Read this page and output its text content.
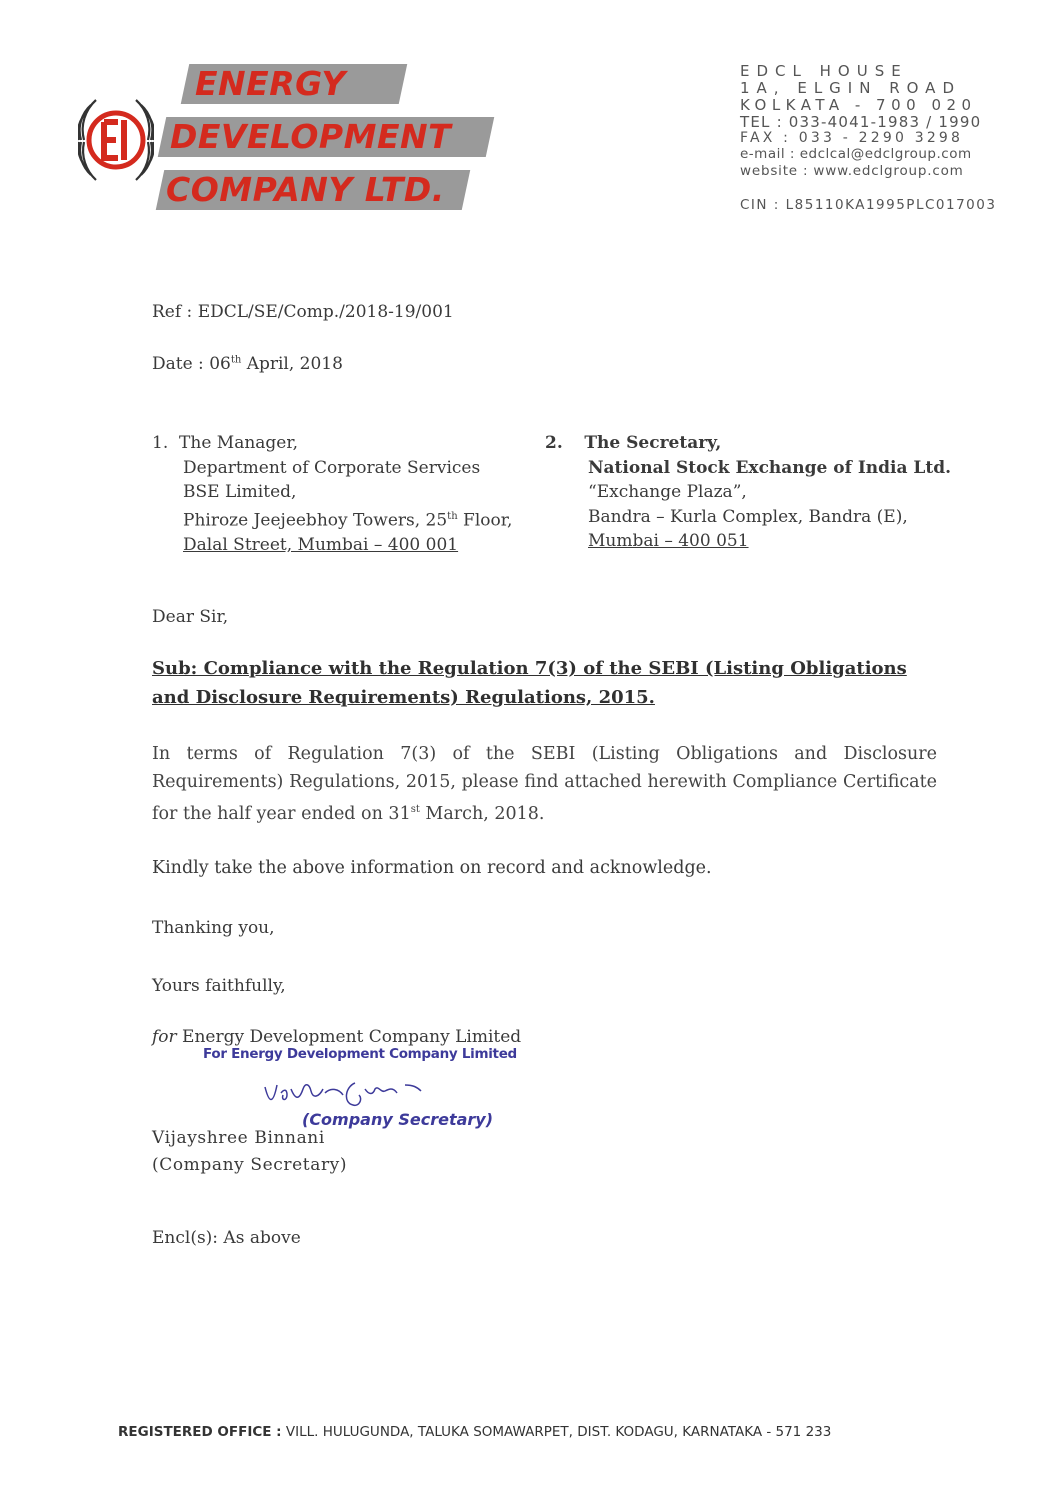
ENERGY
DEVELOPMENT
COMPANY LTD.
EDCL HOUSE
1A, ELGIN ROAD
KOLKATA - 700 020
TEL : 033-4041-1983 / 1990
FAX : 033 - 2290 3298
e-mail : edclcal@edclgroup.com
website : www.edclgroup.com
CIN : L85110KA1995PLC017003
Ref : EDCL/SE/Comp./2018-19/001
Date : 06th April, 2018
1. The Manager,
Department of Corporate Services
BSE Limited,
Phiroze Jeejeebhoy Towers, 25th Floor,
Dalal Street, Mumbai – 400 001
2. The Secretary,
National Stock Exchange of India Ltd.
“Exchange Plaza”,
Bandra – Kurla Complex, Bandra (E),
Mumbai – 400 051
Dear Sir,
Sub: Compliance with the Regulation 7(3) of the SEBI (Listing Obligations and Disclosure Requirements) Regulations, 2015.
In terms of Regulation 7(3) of the SEBI (Listing Obligations and Disclosure Requirements) Regulations, 2015, please find attached herewith Compliance Certificate for the half year ended on 31st March, 2018.
Kindly take the above information on record and acknowledge.
Thanking you,
Yours faithfully,
for Energy Development Company Limited
For Energy Development Company Limited
(Company Secretary)
Vijayshree Binnani
(Company Secretary)
Encl(s): As above
REGISTERED OFFICE : VILL. HULUGUNDA, TALUKA SOMAWARPET, DIST. KODAGU, KARNATAKA - 571 233
